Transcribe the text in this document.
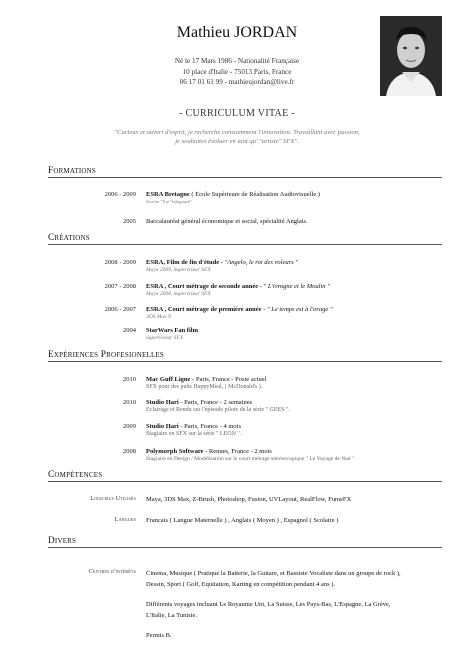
Mathieu JORDAN
Né le 17 Mars 1986 - Nationalité Française
10 place d'Italie - 75013 Paris, France
06 17 01 61 99 - mathieujordan@live.fr
- CURRICULUM VITAE -
"Curieux et ouvert d'esprit, je recherche constamment l'innovation. Travaillant avec passion,
je souhaites évoluer en tant qu' "artiste" SFX".
Formations
2006 - 2009 ESRA Bretagne ( Ecole Supérieure de Réalisation Audiovisuelle )
Section "Top" Infograph"
2005 Baccalauréat général économique et social, spécialité Anglais.
Créations
2008 - 2009 ESRA, Film de fin d'étude - "Angelo, le roi des voleurs "
Maya 2009, Superviseur SFX
2007 - 2008 ESRA , Court métrage de seconde année - " L'ivrogne et le Moulin "
Maya 2008, Superviseur SFX
2006 - 2007 ESRA , Court métrage de première année - " Le temps est à l'orage "
3DS Max 9
2004 StarWars Fan film
Superviseur SFX
Expériences Profesionelles
2010 Mac Guff Ligne - Paris, France - Poste actuel
SFX pour des pubs HappyMeal, ( McDonald's ).
2010 Studio Hari - Paris, France - 2 semaines
Eclairage et Rendu sur l'épisode pilote de la série " GEES ".
2009 Studio Hari - Paris, France - 4 mois
Stagiaire en SFX sur la série " LEON ".
2008 Polymorph Software - Rennes, France - 2 mois
Stagiaire en Design / Modélisation sur le court métrage stéréoscopique " Le Voyage de Noé ".
Compétences
Logiciels Utilisés Maya, 3DS Max, Z-Brush, Photoshop, Fusion, UVLayout, RealFlow, FumeFX
Langues Francais ( Langue Maternelle ) , Anglais ( Moyen ) , Espagnol ( Scolaire )
Divers
Centres d'intérêts Cinema, Musique ( Pratique la Batterie, la Guitare, et Bassiste Vocaliste dans un groupe de rock ),
Dessin, Sport ( Golf, Equitation, Karting en compétition pendant 4 ans ).
Différents voyages incluant Le Royaume Uni, La Suisse, Les Pays-Bas, L'Espagne, La Grève,
L'Italie, La Tunisie.
Permis B.
